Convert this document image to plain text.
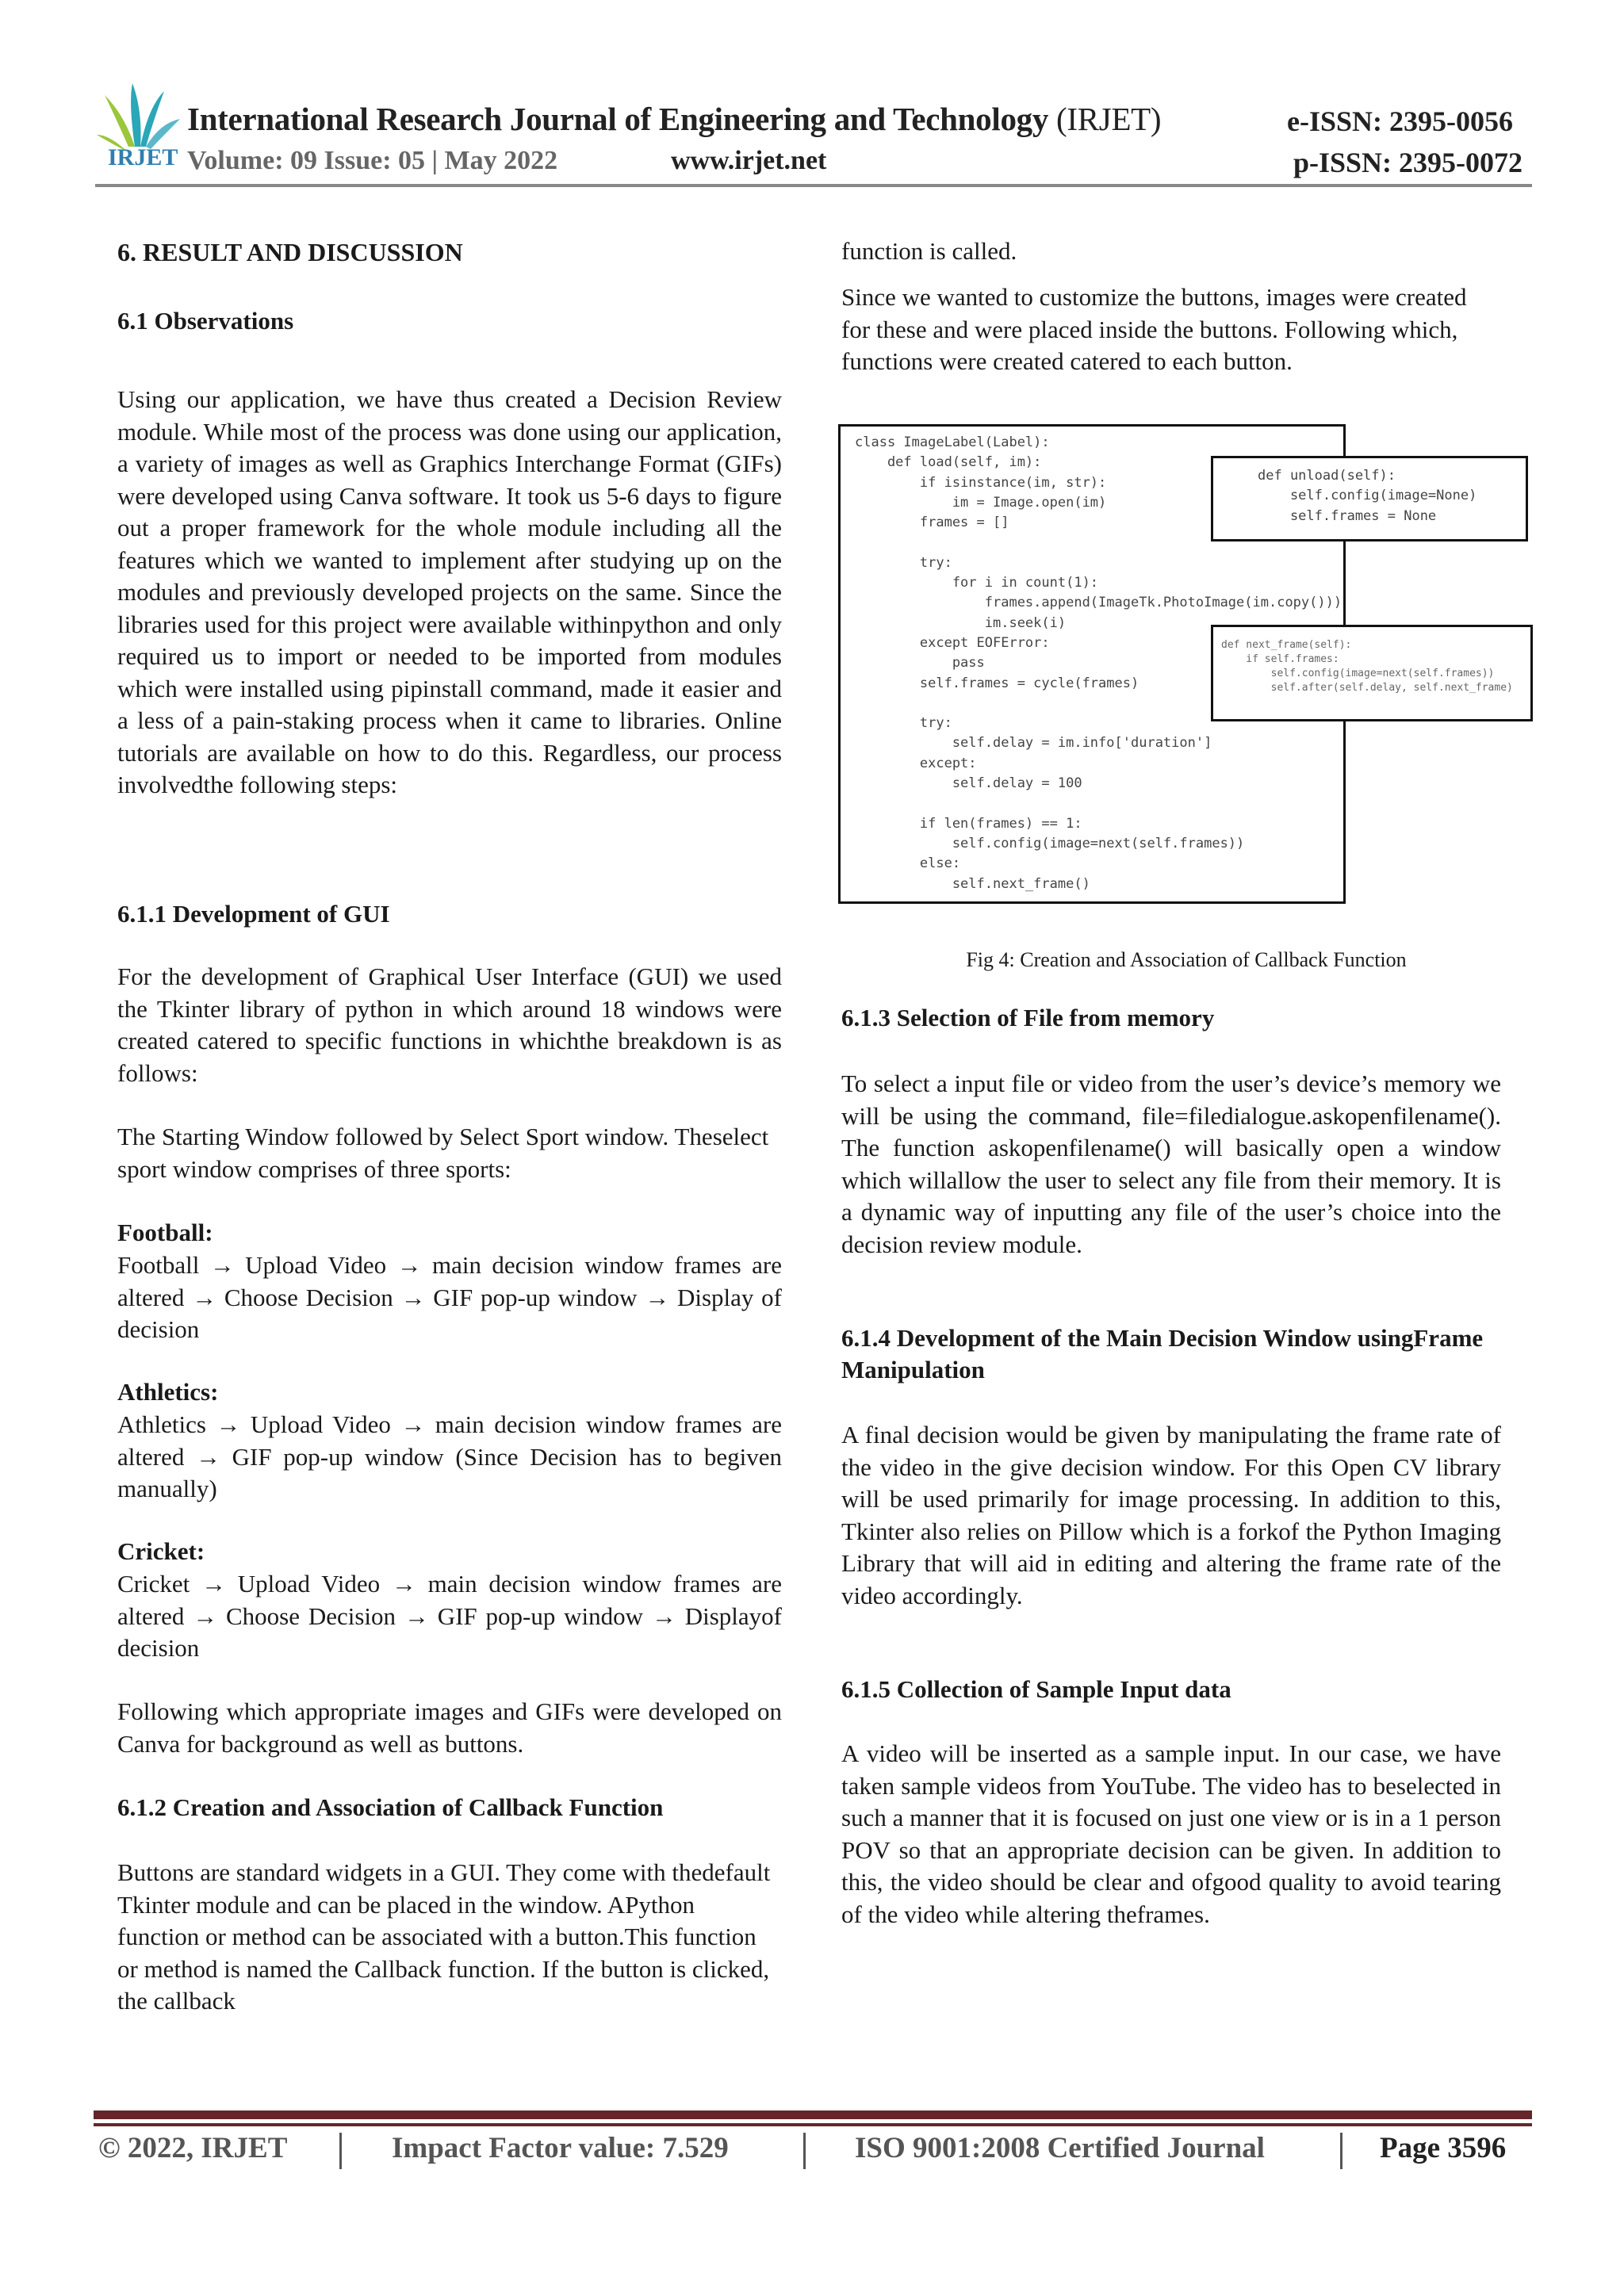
International Research Journal of Engineering and Technology (IRJET)
IRJET Volume: 09 Issue: 05 | May 2022	www.irjet.net
e-ISSN: 2395-0056
p-ISSN: 2395-0072
6. RESULT AND DISCUSSION
6.1 Observations
Using our application, we have thus created a Decision Review module. While most of the process was done using our application, a variety of images as well as Graphics Interchange Format (GIFs) were developed using Canva software. It took us 5-6 days to figure out a proper framework for the whole module including all the features which we wanted to implement after studying up on the modules and previously developed projects on the same. Since the libraries used for this project were available withinpython and only required us to import or needed to be imported from modules which were installed using pipinstall command, made it easier and a less of a pain-staking process when it came to libraries. Online tutorials are available on how to do this. Regardless, our process involvedthe following steps:
6.1.1 Development of GUI
For the development of Graphical User Interface (GUI) we used the Tkinter library of python in which around 18 windows were created catered to specific functions in whichthe breakdown is as follows:
The Starting Window followed by Select Sport window. Theselect sport window comprises of three sports:
Football:
Football → Upload Video → main decision window frames are altered → Choose Decision → GIF pop-up window → Display of decision
Athletics:
Athletics → Upload Video → main decision window frames are altered → GIF pop-up window (Since Decision has to begiven manually)
Cricket:
Cricket → Upload Video → main decision window frames are altered → Choose Decision → GIF pop-up window → Displayof decision
Following which appropriate images and GIFs were developed on Canva for background as well as buttons.
6.1.2 Creation and Association of Callback Function
Buttons are standard widgets in a GUI. They come with thedefault Tkinter module and can be placed in the window. APython function or method can be associated with a button.This function or method is named the Callback function. If the button is clicked, the callback
function is called.
Since we wanted to customize the buttons, images were created for these and were placed inside the buttons. Following which, functions were created catered to each button.
class ImageLabel(Label):
def load(self, im):
if isinstance(im, str):
im = Image.open(im)
frames = []
try:
for i in count(1):
frames.append(ImageTk.PhotoImage(im.copy()))
im.seek(i)
except EOFError:
pass
self.frames = cycle(frames)
try:
self.delay = im.info['duration']
except:
self.delay = 100
if len(frames) == 1:
self.config(image=next(self.frames))
else:
self.next_frame()
def unload(self):
self.config(image=None)
self.frames = None
def next_frame(self):
if self.frames:
self.config(image=next(self.frames))
self.after(self.delay, self.next_frame)
Fig 4: Creation and Association of Callback Function
6.1.3 Selection of File from memory
To select a input file or video from the user’s device’s memory we will be using the command, file=filedialogue.askopenfilename(). The function askopenfilename() will basically open a window which willallow the user to select any file from their memory. It is a dynamic way of inputting any file of the user’s choice into the decision review module.
6.1.4 Development of the Main Decision Window usingFrame Manipulation
A final decision would be given by manipulating the frame rate of the video in the give decision window. For this Open CV library will be used primarily for image processing. In addition to this, Tkinter also relies on Pillow which is a forkof the Python Imaging Library that will aid in editing and altering the frame rate of the video accordingly.
6.1.5 Collection of Sample Input data
A video will be inserted as a sample input. In our case, we have taken sample videos from YouTube. The video has to beselected in such a manner that it is focused on just one view or is in a 1 person POV so that an appropriate decision can be given. In addition to this, the video should be clear and ofgood quality to avoid tearing of the video while altering theframes.
© 2022, IRJET	Impact Factor value: 7.529	ISO 9001:2008 Certified Journal	Page 3596
